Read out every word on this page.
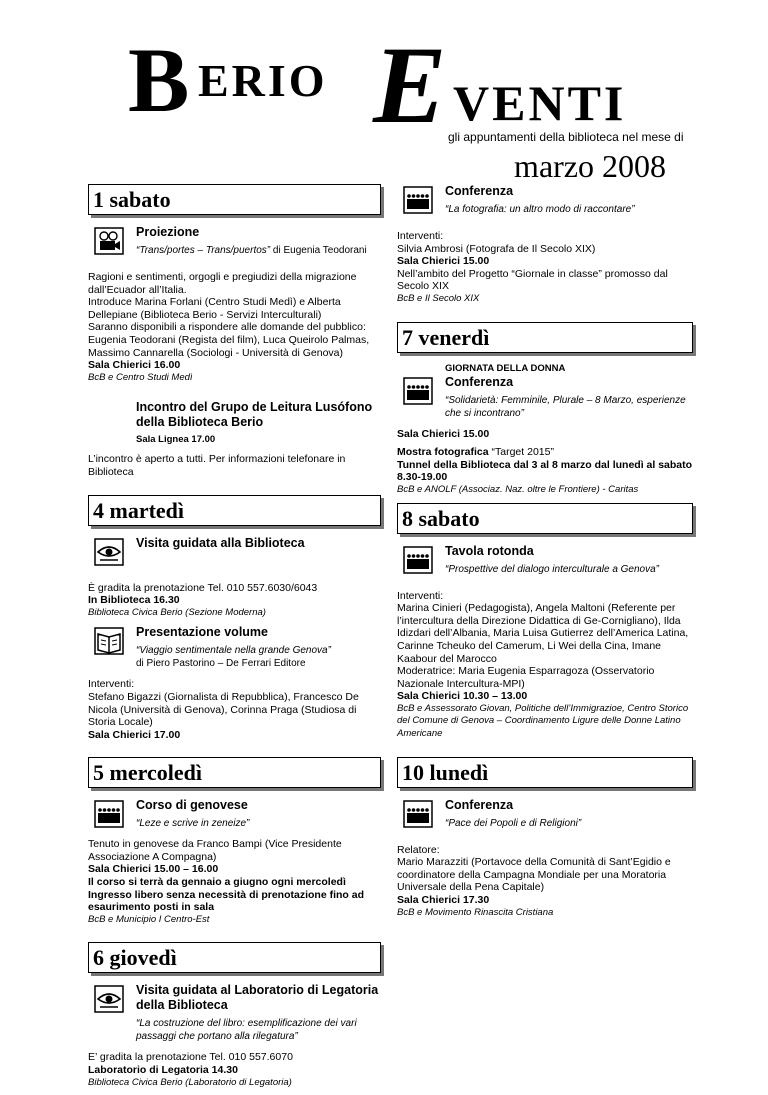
B ERIO E VENTI
gli appuntamenti della biblioteca nel mese di
marzo 2008
1 sabato
Proiezione
“Trans/portes – Trans/puertos” di Eugenia Teodorani
Ragioni e sentimenti, orgogli e pregiudizi della migrazione dall’Ecuador all’Italia.
Introduce Marina Forlani (Centro Studi Medì) e Alberta Dellepiane (Biblioteca Berio - Servizi Interculturali)
Saranno disponibili a rispondere alle domande del pubblico: Eugenia Teodorani (Regista del film), Luca Queirolo Palmas, Massimo Cannarella (Sociologi - Università di Genova)
Sala Chierici 16.00
BcB e Centro Studi Medì
Incontro del Grupo de Leitura Lusófono della Biblioteca Berio
Sala Lignea 17.00
L’incontro è aperto a tutti. Per informazioni telefonare in Biblioteca
4 martedì
Visita guidata alla Biblioteca
È gradita la prenotazione Tel. 010 557.6030/6043
In Biblioteca 16.30
Biblioteca Civica Berio (Sezione Moderna)
Presentazione volume
“Viaggio sentimentale nella grande Genova”
di Piero Pastorino – De Ferrari Editore
Interventi:
Stefano Bigazzi (Giornalista di Repubblica), Francesco De Nicola (Università di Genova), Corinna Praga (Studiosa di Storia Locale)
Sala Chierici 17.00
5 mercoledì
Corso di genovese
“Leze e scrive in zeneize”
Tenuto in genovese da Franco Bampi (Vice Presidente Associazione A Compagna)
Sala Chierici 15.00 – 16.00
Il corso si terrà da gennaio a giugno ogni mercoledì Ingresso libero senza necessità di prenotazione fino ad esaurimento posti in sala
BcB e Municipio I Centro-Est
6 giovedì
Visita guidata al Laboratorio di Legatoria della Biblioteca
“La costruzione del libro: esemplificazione dei vari passaggi che portano alla rilegatura”
E’ gradita la prenotazione Tel. 010 557.6070
Laboratorio di Legatoria 14.30
Biblioteca Civica Berio (Laboratorio di Legatoria)
Conferenza
“La fotografia: un altro modo di raccontare”
Interventi:
Silvia Ambrosi (Fotografa de Il Secolo XIX)
Sala Chierici 15.00
Nell’ambito del Progetto “Giornale in classe” promosso dal Secolo XIX
BcB e Il Secolo XIX
7 venerdì
GIORNATA DELLA DONNA
Conferenza
“Solidarietà: Femminile, Plurale – 8 Marzo, esperienze che si incontrano”
Sala Chierici 15.00
Mostra fotografica “Target 2015”
Tunnel della Biblioteca dal 3 al 8 marzo dal lunedì al sabato 8.30-19.00
BcB e ANOLF (Associaz. Naz. oltre le Frontiere) - Caritas
8 sabato
Tavola rotonda
“Prospettive del dialogo interculturale a Genova”
Interventi:
Marina Cinieri (Pedagogista), Angela Maltoni (Referente per l’intercultura della Direzione Didattica di Ge-Cornigliano), Ilda Idizdari dell’Albania, Maria Luisa Gutierrez dell’America Latina, Carinne Tcheuko del Camerum, Li Wei della Cina, Imane Kaabour del Marocco
Moderatrice: Maria Eugenia Esparragoza (Osservatorio Nazionale Intercultura-MPI)
Sala Chierici 10.30 – 13.00
BcB e Assessorato Giovan, Politiche dell’Immigrazioe, Centro Storico del Comune di Genova – Coordinamento Ligure delle Donne Latino Americane
10 lunedì
Conferenza
“Pace dei Popoli e di Religioni”
Relatore:
Mario Marazziti (Portavoce della Comunità di Sant’Egidio e coordinatore della Campagna Mondiale per una Moratoria Universale della Pena Capitale)
Sala Chierici 17.30
BcB e Movimento Rinascita Cristiana
